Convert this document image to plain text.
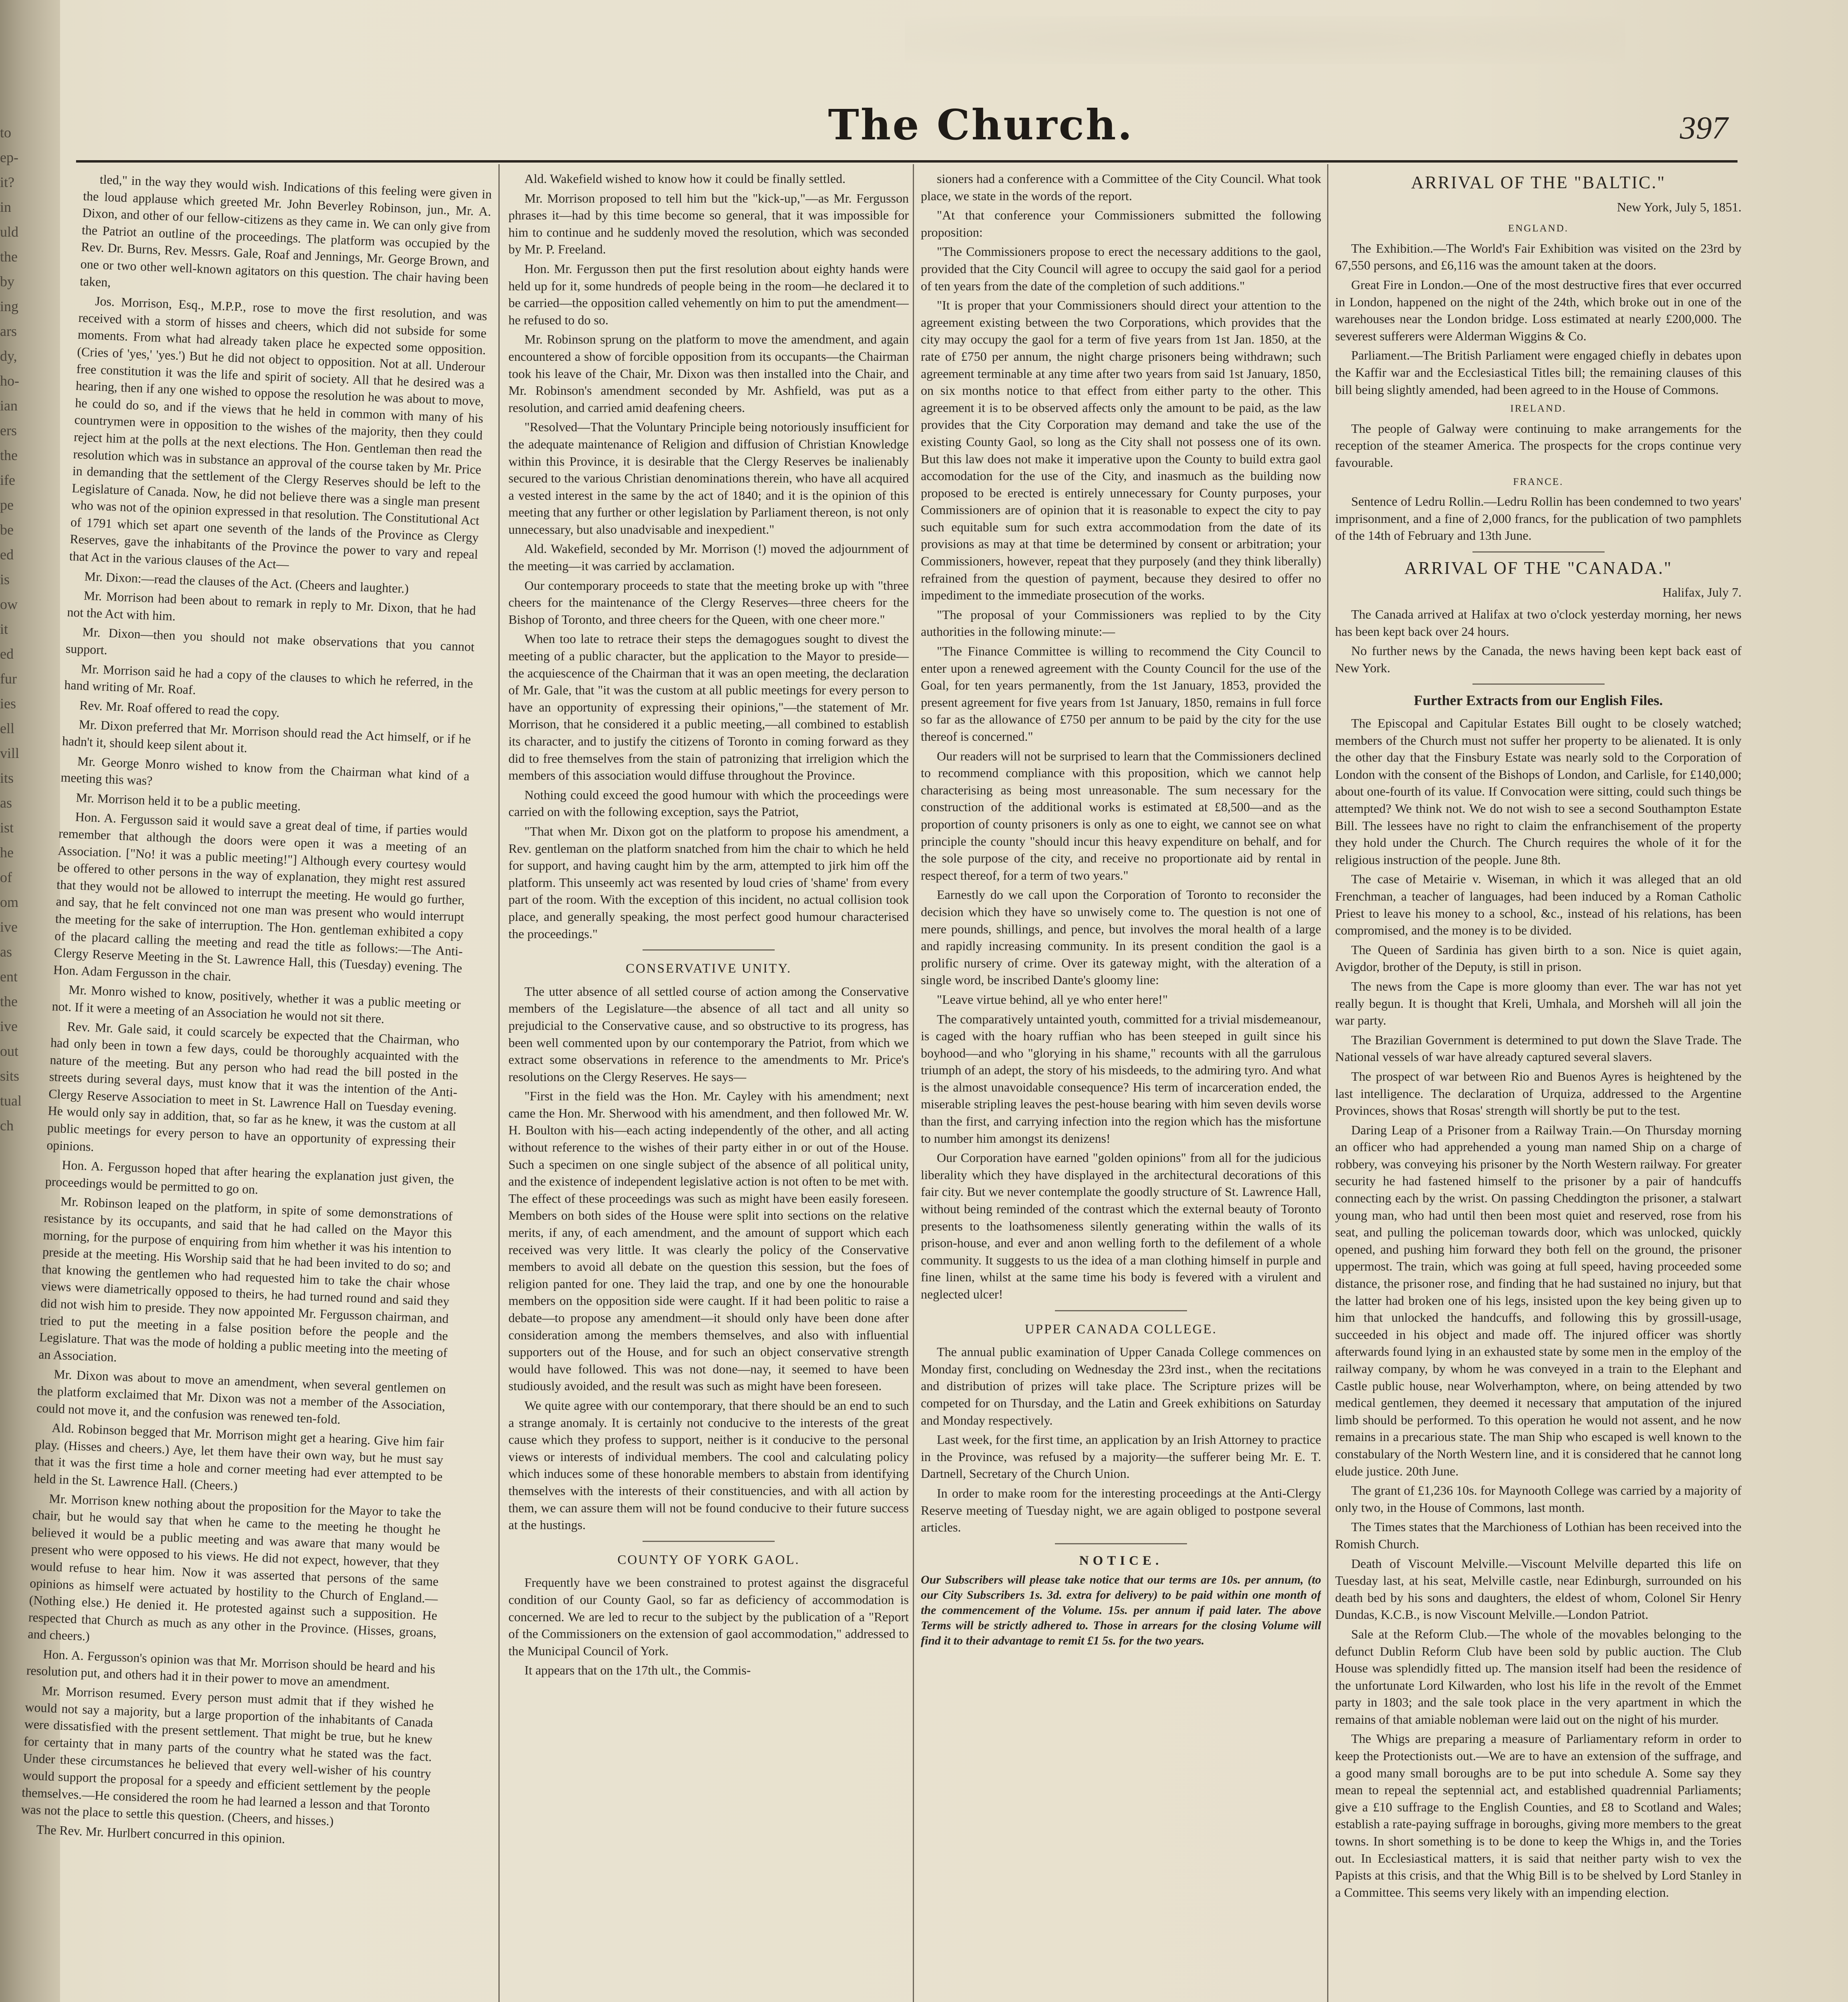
to
ep-
it?
in
uld
the
by
ing
ars
dy,
ho-
ian
ers
the
ife
pe
be
ed
is
ow
it
ed
fur
ies
ell
vill
its
as
ist
he
of
om
ive
as
ent
the
ive
out
sits
tual
ch
The Church.	397

tled," in the way they would wish. Indications of this feeling were given in the loud applause which greeted Mr. John Beverley Robinson, jun., Mr. A. Dixon, and other of our fellow-citizens as they came in. We can only give from the Patriot an outline of the proceedings. The platform was occupied by the Rev. Dr. Burns, Rev. Messrs. Gale, Roaf and Jennings, Mr. George Brown, and one or two other well-known agitators on this question. The chair having been taken,

Jos. Morrison, Esq., M.P.P., rose to move the first resolution, and was received with a storm of hisses and cheers, which did not subside for some moments. From what had already taken place he expected some opposition. (Cries of 'yes,' 'yes.') But he did not object to opposition. Not at all. Underour free constitution it was the life and spirit of society. All that he desired was a hearing, then if any one wished to oppose the resolution he was about to move, he could do so, and if the views that he held in common with many of his countrymen were in opposition to the wishes of the majority, then they could reject him at the polls at the next elections. The Hon. Gentleman then read the resolution which was in substance an approval of the course taken by Mr. Price in demanding that the settlement of the Clergy Reserves should be left to the Legislature of Canada. Now, he did not believe there was a single man present who was not of the opinion expressed in that resolution. The Constitutional Act of 1791 which set apart one seventh of the lands of the Province as Clergy Reserves, gave the inhabitants of the Province the power to vary and repeal that Act in the various clauses of the Act—

Mr. Dixon:—read the clauses of the Act. (Cheers and laughter.)

Mr. Morrison had been about to remark in reply to Mr. Dixon, that he had not the Act with him.

Mr. Dixon—then you should not make observations that you cannot support.

Mr. Morrison said he had a copy of the clauses to which he referred, in the hand writing of Mr. Roaf.

Rev. Mr. Roaf offered to read the copy.

Mr. Dixon preferred that Mr. Morrison should read the Act himself, or if he hadn't it, should keep silent about it.

Mr. George Monro wished to know from the Chairman what kind of a meeting this was?

Mr. Morrison held it to be a public meeting.

Hon. A. Fergusson said it would save a great deal of time, if parties would remember that although the doors were open it was a meeting of an Association. ["No! it was a public meeting!"] Although every courtesy would be offered to other persons in the way of explanation, they might rest assured that they would not be allowed to interrupt the meeting. He would go further, and say, that he felt convinced not one man was present who would interrupt the meeting for the sake of interruption. The Hon. gentleman exhibited a copy of the placard calling the meeting and read the title as follows:—The Anti-Clergy Reserve Meeting in the St. Lawrence Hall, this (Tuesday) evening. The Hon. Adam Fergusson in the chair.

Mr. Monro wished to know, positively, whether it was a public meeting or not. If it were a meeting of an Association he would not sit there.

Rev. Mr. Gale said, it could scarcely be expected that the Chairman, who had only been in town a few days, could be thoroughly acquainted with the nature of the meeting. But any person who had read the bill posted in the streets during several days, must know that it was the intention of the Anti-Clergy Reserve Association to meet in St. Lawrence Hall on Tuesday evening. He would only say in addition, that, so far as he knew, it was the custom at all public meetings for every person to have an opportunity of expressing their opinions.

Hon. A. Fergusson hoped that after hearing the explanation just given, the proceedings would be permitted to go on.

Mr. Robinson leaped on the platform, in spite of some demonstrations of resistance by its occupants, and said that he had called on the Mayor this morning, for the purpose of enquiring from him whether it was his intention to preside at the meeting. His Worship said that he had been invited to do so; and that knowing the gentlemen who had requested him to take the chair whose views were diametrically opposed to theirs, he had turned round and said they did not wish him to preside. They now appointed Mr. Fergusson chairman, and tried to put the meeting in a false position before the people and the Legislature. That was the mode of holding a public meeting into the meeting of an Association.

Mr. Dixon was about to move an amendment, when several gentlemen on the platform exclaimed that Mr. Dixon was not a member of the Association, could not move it, and the confusion was renewed ten-fold.

Ald. Robinson begged that Mr. Morrison might get a hearing. Give him fair play. (Hisses and cheers.) Aye, let them have their own way, but he must say that it was the first time a hole and corner meeting had ever attempted to be held in the St. Lawrence Hall. (Cheers.)

Mr. Morrison knew nothing about the proposition for the Mayor to take the chair, but he would say that when he came to the meeting he thought he believed it would be a public meeting and was aware that many would be present who were opposed to his views. He did not expect, however, that they would refuse to hear him. Now it was asserted that persons of the same opinions as himself were actuated by hostility to the Church of England.—(Nothing else.) He denied it. He protested against such a supposition. He respected that Church as much as any other in the Province. (Hisses, groans, and cheers.)

Hon. A. Fergusson's opinion was that Mr. Morrison should be heard and his resolution put, and others had it in their power to move an amendment.

Mr. Morrison resumed. Every person must admit that if they wished he would not say a majority, but a large proportion of the inhabitants of Canada were dissatisfied with the present settlement. That might be true, but he knew for certainty that in many parts of the country what he stated was the fact. Under these circumstances he believed that every well-wisher of his country would support the proposal for a speedy and efficient settlement by the people themselves.—He considered the room he had learned a lesson and that Toronto was not the place to settle this question. (Cheers, and hisses.)

The Rev. Mr. Hurlbert concurred in this opinion.

Ald. Wakefield wished to know how it could be finally settled.

Mr. Morrison proposed to tell him but the "kick-up,"—as Mr. Fergusson phrases it—had by this time become so general, that it was impossible for him to continue and he suddenly moved the resolution, which was seconded by Mr. P. Freeland.

Hon. Mr. Fergusson then put the first resolution about eighty hands were held up for it, some hundreds of people being in the room—he declared it to be carried—the opposition called vehemently on him to put the amendment—he refused to do so.

Mr. Robinson sprung on the platform to move the amendment, and again encountered a show of forcible opposition from its occupants—the Chairman took his leave of the Chair, Mr. Dixon was then installed into the Chair, and Mr. Robinson's amendment seconded by Mr. Ashfield, was put as a resolution, and carried amid deafening cheers.

"Resolved—That the Voluntary Principle being notoriously insufficient for the adequate maintenance of Religion and diffusion of Christian Knowledge within this Province, it is desirable that the Clergy Reserves be inalienably secured to the various Christian denominations therein, who have all acquired a vested interest in the same by the act of 1840; and it is the opinion of this meeting that any further or other legislation by Parliament thereon, is not only unnecessary, but also unadvisable and inexpedient."

Ald. Wakefield, seconded by Mr. Morrison (!) moved the adjournment of the meeting—it was carried by acclamation.

Our contemporary proceeds to state that the meeting broke up with "three cheers for the maintenance of the Clergy Reserves—three cheers for the Bishop of Toronto, and three cheers for the Queen, with one cheer more."

When too late to retrace their steps the demagogues sought to divest the meeting of a public character, but the application to the Mayor to preside—the acquiescence of the Chairman that it was an open meeting, the declaration of Mr. Gale, that "it was the custom at all public meetings for every person to have an opportunity of expressing their opinions,"—the statement of Mr. Morrison, that he considered it a public meeting,—all combined to establish its character, and to justify the citizens of Toronto in coming forward as they did to free themselves from the stain of patronizing that irreligion which the members of this association would diffuse throughout the Province.

Nothing could exceed the good humour with which the proceedings were carried on with the following exception, says the Patriot,

"That when Mr. Dixon got on the platform to propose his amendment, a Rev. gentleman on the platform snatched from him the chair to which he held for support, and having caught him by the arm, attempted to jirk him off the platform. This unseemly act was resented by loud cries of 'shame' from every part of the room. With the exception of this incident, no actual collision took place, and generally speaking, the most perfect good humour characterised the proceedings."

CONSERVATIVE UNITY.

The utter absence of all settled course of action among the Conservative members of the Legislature—the absence of all tact and all unity so prejudicial to the Conservative cause, and so obstructive to its progress, has been well commented upon by our contemporary the Patriot, from which we extract some observations in reference to the amendments to Mr. Price's resolutions on the Clergy Reserves. He says—

"First in the field was the Hon. Mr. Cayley with his amendment; next came the Hon. Mr. Sherwood with his amendment, and then followed Mr. W. H. Boulton with his—each acting independently of the other, and all acting without reference to the wishes of their party either in or out of the House. Such a specimen on one single subject of the absence of all political unity, and the existence of independent legislative action is not often to be met with. The effect of these proceedings was such as might have been easily foreseen. Members on both sides of the House were split into sections on the relative merits, if any, of each amendment, and the amount of support which each received was very little. It was clearly the policy of the Conservative members to avoid all debate on the question this session, but the foes of religion panted for one. They laid the trap, and one by one the honourable members on the opposition side were caught. If it had been politic to raise a debate—to propose any amendment—it should only have been done after consideration among the members themselves, and also with influential supporters out of the House, and for such an object conservative strength would have followed. This was not done—nay, it seemed to have been studiously avoided, and the result was such as might have been foreseen.

We quite agree with our contemporary, that there should be an end to such a strange anomaly. It is certainly not conducive to the interests of the great cause which they profess to support, neither is it conducive to the personal views or interests of individual members. The cool and calculating policy which induces some of these honorable members to abstain from identifying themselves with the interests of their constituencies, and with all action by them, we can assure them will not be found conducive to their future success at the hustings.

COUNTY OF YORK GAOL.

Frequently have we been constrained to protest against the disgraceful condition of our County Gaol, so far as deficiency of accommodation is concerned. We are led to recur to the subject by the publication of a "Report of the Commissioners on the extension of gaol accommodation," addressed to the Municipal Council of York.

It appears that on the 17th ult., the Commis-

sioners had a conference with a Committee of the City Council. What took place, we state in the words of the report.

"At that conference your Commissioners submitted the following proposition:

"The Commissioners propose to erect the necessary additions to the gaol, provided that the City Council will agree to occupy the said gaol for a period of ten years from the date of the completion of such additions."

"It is proper that your Commissioners should direct your attention to the agreement existing between the two Corporations, which provides that the city may occupy the gaol for a term of five years from 1st Jan. 1850, at the rate of £750 per annum, the night charge prisoners being withdrawn; such agreement terminable at any time after two years from said 1st January, 1850, on six months notice to that effect from either party to the other. This agreement it is to be observed affects only the amount to be paid, as the law provides that the City Corporation may demand and take the use of the existing County Gaol, so long as the City shall not possess one of its own. But this law does not make it imperative upon the County to build extra gaol accomodation for the use of the City, and inasmuch as the building now proposed to be erected is entirely unnecessary for County purposes, your Commissioners are of opinion that it is reasonable to expect the city to pay such equitable sum for such extra accommodation from the date of its provisions as may at that time be determined by consent or arbitration; your Commissioners, however, repeat that they purposely (and they think liberally) refrained from the question of payment, because they desired to offer no impediment to the immediate prosecution of the works.

"The proposal of your Commissioners was replied to by the City authorities in the following minute:—

"The Finance Committee is willing to recommend the City Council to enter upon a renewed agreement with the County Council for the use of the Goal, for ten years permanently, from the 1st January, 1853, provided the present agreement for five years from 1st January, 1850, remains in full force so far as the allowance of £750 per annum to be paid by the city for the use thereof is concerned."

Our readers will not be surprised to learn that the Commissioners declined to recommend compliance with this proposition, which we cannot help characterising as being most unreasonable. The sum necessary for the construction of the additional works is estimated at £8,500—and as the proportion of county prisoners is only as one to eight, we cannot see on what principle the county "should incur this heavy expenditure on behalf, and for the sole purpose of the city, and receive no proportionate aid by rental in respect thereof, for a term of two years."

Earnestly do we call upon the Corporation of Toronto to reconsider the decision which they have so unwisely come to. The question is not one of mere pounds, shillings, and pence, but involves the moral health of a large and rapidly increasing community. In its present condition the gaol is a prolific nursery of crime. Over its gateway might, with the alteration of a single word, be inscribed Dante's gloomy line:

"Leave virtue behind, all ye who enter here!"

The comparatively untainted youth, committed for a trivial misdemeanour, is caged with the hoary ruffian who has been steeped in guilt since his boyhood—and who "glorying in his shame," recounts with all the garrulous triumph of an adept, the story of his misdeeds, to the admiring tyro. And what is the almost unavoidable consequence? His term of incarceration ended, the miserable stripling leaves the pest-house bearing with him seven devils worse than the first, and carrying infection into the region which has the misfortune to number him amongst its denizens!

Our Corporation have earned "golden opinions" from all for the judicious liberality which they have displayed in the architectural decorations of this fair city. But we never contemplate the goodly structure of St. Lawrence Hall, without being reminded of the contrast which the external beauty of Toronto presents to the loathsomeness silently generating within the walls of its prison-house, and ever and anon welling forth to the defilement of a whole community. It suggests to us the idea of a man clothing himself in purple and fine linen, whilst at the same time his body is fevered with a virulent and neglected ulcer!

UPPER CANADA COLLEGE.

The annual public examination of Upper Canada College commences on Monday first, concluding on Wednesday the 23rd inst., when the recitations and distribution of prizes will take place. The Scripture prizes will be competed for on Thursday, and the Latin and Greek exhibitions on Saturday and Monday respectively.

Last week, for the first time, an application by an Irish Attorney to practice in the Province, was refused by a majority—the sufferer being Mr. E. T. Dartnell, Secretary of the Church Union.

In order to make room for the interesting proceedings at the Anti-Clergy Reserve meeting of Tuesday night, we are again obliged to postpone several articles.

NOTICE.
Our Subscribers will please take notice that our terms are 10s. per annum, (to our City Subscribers 1s. 3d. extra for delivery) to be paid within one month of the commencement of the Volume. 15s. per annum if paid later. The above Terms will be strictly adhered to. Those in arrears for the closing Volume will find it to their advantage to remit £1 5s. for the two years.
ARRIVAL OF THE "BALTIC."
New York, July 5, 1851.
ENGLAND.

The Exhibition.—The World's Fair Exhibition was visited on the 23rd by 67,550 persons, and £6,116 was the amount taken at the doors.

Great Fire in London.—One of the most destructive fires that ever occurred in London, happened on the night of the 24th, which broke out in one of the warehouses near the London bridge. Loss estimated at nearly £200,000. The severest sufferers were Alderman Wiggins & Co.

Parliament.—The British Parliament were engaged chiefly in debates upon the Kaffir war and the Ecclesiastical Titles bill; the remaining clauses of this bill being slightly amended, had been agreed to in the House of Commons.

IRELAND.

The people of Galway were continuing to make arrangements for the reception of the steamer America. The prospects for the crops continue very favourable.

FRANCE.

Sentence of Ledru Rollin.—Ledru Rollin has been condemned to two years' imprisonment, and a fine of 2,000 francs, for the publication of two pamphlets of the 14th of February and 13th June.

ARRIVAL OF THE "CANADA."
Halifax, July 7.

The Canada arrived at Halifax at two o'clock yesterday morning, her news has been kept back over 24 hours.

No further news by the Canada, the news having been kept back east of New York.

Further Extracts from our English Files.

The Episcopal and Capitular Estates Bill ought to be closely watched; members of the Church must not suffer her property to be alienated. It is only the other day that the Finsbury Estate was nearly sold to the Corporation of London with the consent of the Bishops of London, and Carlisle, for £140,000; about one-fourth of its value. If Convocation were sitting, could such things be attempted? We think not. We do not wish to see a second Southampton Estate Bill. The lessees have no right to claim the enfranchisement of the property they hold under the Church. The Church requires the whole of it for the religious instruction of the people. June 8th.

The case of Metairie v. Wiseman, in which it was alleged that an old Frenchman, a teacher of languages, had been induced by a Roman Catholic Priest to leave his money to a school, &c., instead of his relations, has been compromised, and the money is to be divided.

The Queen of Sardinia has given birth to a son. Nice is quiet again, Avigdor, brother of the Deputy, is still in prison.

The news from the Cape is more gloomy than ever. The war has not yet really begun. It is thought that Kreli, Umhala, and Morsheh will all join the war party.

The Brazilian Government is determined to put down the Slave Trade. The National vessels of war have already captured several slavers.

The prospect of war between Rio and Buenos Ayres is heightened by the last intelligence. The declaration of Urquiza, addressed to the Argentine Provinces, shows that Rosas' strength will shortly be put to the test.

Daring Leap of a Prisoner from a Railway Train.—On Thursday morning an officer who had apprehended a young man named Ship on a charge of robbery, was conveying his prisoner by the North Western railway. For greater security he had fastened himself to the prisoner by a pair of handcuffs connecting each by the wrist. On passing Cheddington the prisoner, a stalwart young man, who had until then been most quiet and reserved, rose from his seat, and pulling the policeman towards door, which was unlocked, quickly opened, and pushing him forward they both fell on the ground, the prisoner uppermost. The train, which was going at full speed, having proceeded some distance, the prisoner rose, and finding that he had sustained no injury, but that the latter had broken one of his legs, insisted upon the key being given up to him that unlocked the handcuffs, and following this by grossill-usage, succeeded in his object and made off. The injured officer was shortly afterwards found lying in an exhausted state by some men in the employ of the railway company, by whom he was conveyed in a train to the Elephant and Castle public house, near Wolverhampton, where, on being attended by two medical gentlemen, they deemed it necessary that amputation of the injured limb should be performed. To this operation he would not assent, and he now remains in a precarious state. The man Ship who escaped is well known to the constabulary of the North Western line, and it is considered that he cannot long elude justice. 20th June.

The grant of £1,236 10s. for Maynooth College was carried by a majority of only two, in the House of Commons, last month.

The Times states that the Marchioness of Lothian has been received into the Romish Church.

Death of Viscount Melville.—Viscount Melville departed this life on Tuesday last, at his seat, Melville castle, near Edinburgh, surrounded on his death bed by his sons and daughters, the eldest of whom, Colonel Sir Henry Dundas, K.C.B., is now Viscount Melville.—London Patriot.

Sale at the Reform Club.—The whole of the movables belonging to the defunct Dublin Reform Club have been sold by public auction. The Club House was splendidly fitted up. The mansion itself had been the residence of the unfortunate Lord Kilwarden, who lost his life in the revolt of the Emmet party in 1803; and the sale took place in the very apartment in which the remains of that amiable nobleman were laid out on the night of his murder.

The Whigs are preparing a measure of Parliamentary reform in order to keep the Protectionists out.—We are to have an extension of the suffrage, and a good many small boroughs are to be put into schedule A. Some say they mean to repeal the septennial act, and established quadrennial Parliaments; give a £10 suffrage to the English Counties, and £8 to Scotland and Wales; establish a rate-paying suffrage in boroughs, giving more members to the great towns. In short something is to be done to keep the Whigs in, and the Tories out. In Ecclesiastical matters, it is said that neither party wish to vex the Papists at this crisis, and that the Whig Bill is to be shelved by Lord Stanley in a Committee. This seems very likely with an impending election.
